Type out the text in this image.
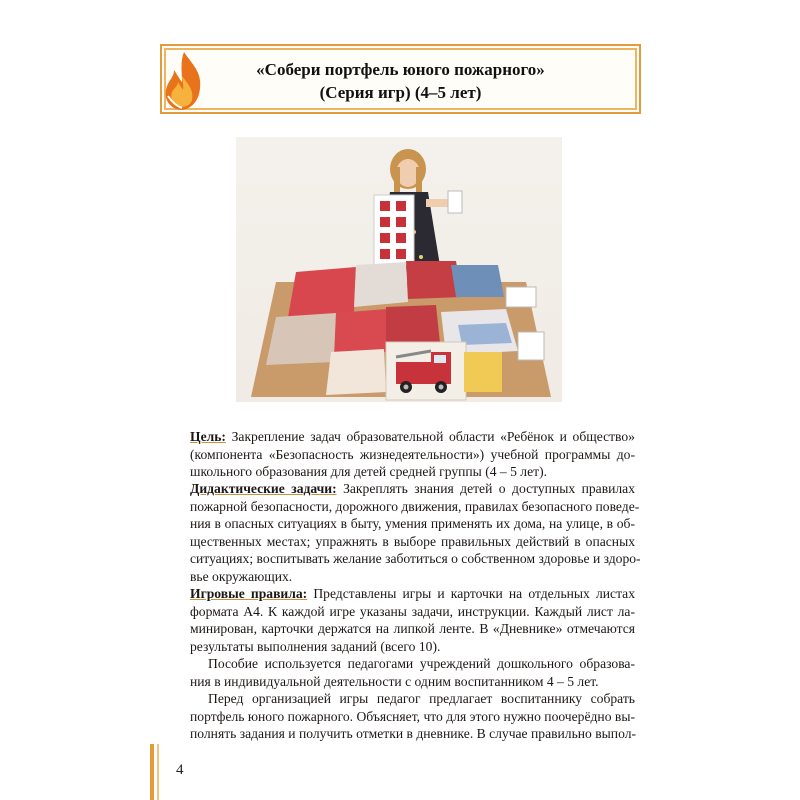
«Собери портфель юного пожарного»
(Серия игр) (4–5 лет)
Цель: Закрепление задач образовательной области «Ребёнок и общество»
(компонента «Безопасность жизнедеятельности») учебной программы до-
школьного образования для детей средней группы (4 – 5 лет).
Дидактические задачи: Закреплять знания детей о доступных правилах
пожарной безопасности, дорожного движения, правилах безопасного поведе-
ния в опасных ситуациях в быту, умения применять их дома, на улице, в об-
щественных местах; упражнять в выборе правильных действий в опасных
ситуациях; воспитывать желание заботиться о собственном здоровье и здоро-
вье окружающих.
Игровые правила: Представлены игры и карточки на отдельных листах
формата А4. К каждой игре указаны задачи, инструкции. Каждый лист ла-
минирован, карточки держатся на липкой ленте. В «Дневнике» отмечаются
результаты выполнения заданий (всего 10).
Пособие используется педагогами учреждений дошкольного образова-
ния в индивидуальной деятельности с одним воспитанником 4 – 5 лет.
Перед организацией игры педагог предлагает воспитаннику собрать
портфель юного пожарного. Объясняет, что для этого нужно поочерёдно вы-
полнять задания и получить отметки в дневнике. В случае правильно выпол-
4
